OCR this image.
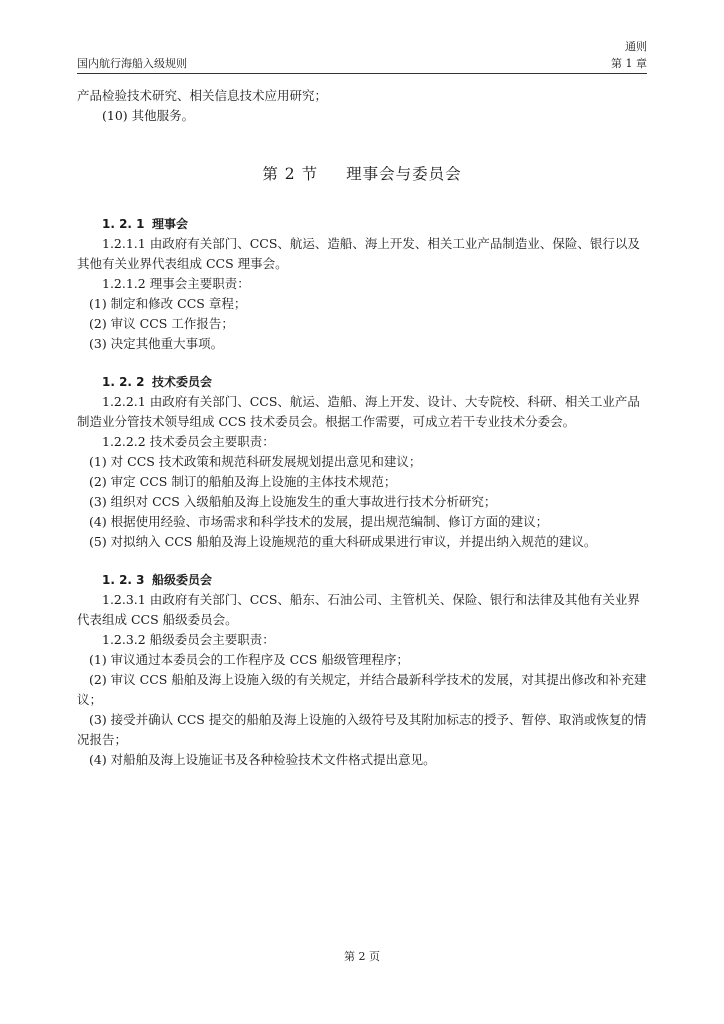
通则
国内航行海船入级规则	第 1 章
产品检验技术研究、相关信息技术应用研究；
(10) 其他服务。
第 2 节 理事会与委员会
1. 2. 1 理事会
1.2.1.1 由政府有关部门、CCS、航运、造船、海上开发、相关工业产品制造业、保险、银行以及其他有关业界代表组成 CCS 理事会。
1.2.1.2 理事会主要职责：
(1) 制定和修改 CCS 章程；
(2) 审议 CCS 工作报告；
(3) 决定其他重大事项。
1. 2. 2 技术委员会
1.2.2.1 由政府有关部门、CCS、航运、造船、海上开发、设计、大专院校、科研、相关工业产品制造业分管技术领导组成 CCS 技术委员会。根据工作需要，可成立若干专业技术分委会。
1.2.2.2 技术委员会主要职责：
(1) 对 CCS 技术政策和规范科研发展规划提出意见和建议；
(2) 审定 CCS 制订的船舶及海上设施的主体技术规范；
(3) 组织对 CCS 入级船舶及海上设施发生的重大事故进行技术分析研究；
(4) 根据使用经验、市场需求和科学技术的发展，提出规范编制、修订方面的建议；
(5) 对拟纳入 CCS 船舶及海上设施规范的重大科研成果进行审议，并提出纳入规范的建议。
1. 2. 3 船级委员会
1.2.3.1 由政府有关部门、CCS、船东、石油公司、主管机关、保险、银行和法律及其他有关业界代表组成 CCS 船级委员会。
1.2.3.2 船级委员会主要职责：
(1) 审议通过本委员会的工作程序及 CCS 船级管理程序；
(2) 审议 CCS 船舶及海上设施入级的有关规定，并结合最新科学技术的发展，对其提出修改和补充建议；
(3) 接受并确认 CCS 提交的船舶及海上设施的入级符号及其附加标志的授予、暂停、取消或恢复的情况报告；
(4) 对船舶及海上设施证书及各种检验技术文件格式提出意见。
第 2 页
